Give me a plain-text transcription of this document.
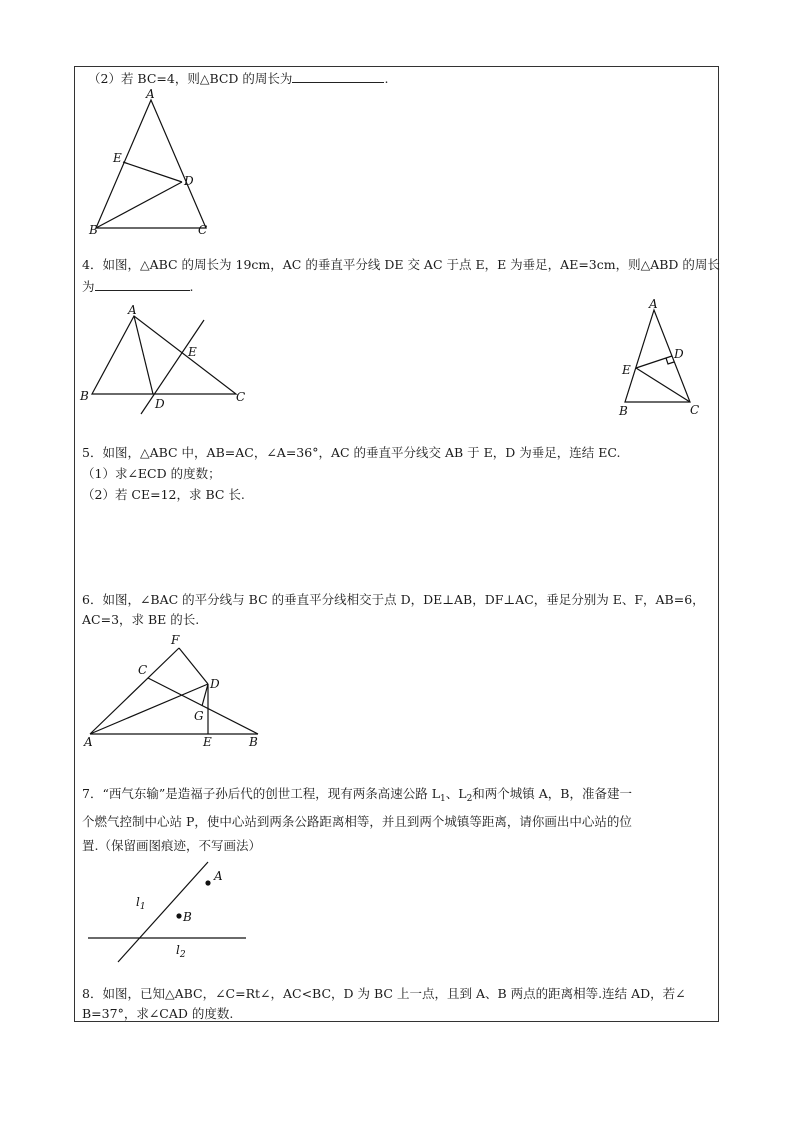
（2）若 BC=4，则△BCD 的周长为	.
A
E
D
B	C
4．如图，△ABC 的周长为 19cm，AC 的垂直平分线 DE 交 AC 于点 E，E 为垂足，AE=3cm，则△ABD 的周长
为	.
A
E
B	C
D
A
D
E
B	C
5．如图，△ABC 中，AB=AC，∠A=36°，AC 的垂直平分线交 AB 于 E，D 为垂足，连结 EC.
（1）求∠ECD 的度数；
（2）若 CE=12，求 BC 长.
6．如图，∠BAC 的平分线与 BC 的垂直平分线相交于点 D，DE⊥AB，DF⊥AC，垂足分别为 E、F，AB=6，
AC=3，求 BE 的长.
F
C
D
G
A	E	B
7．“西气东输”是造福子孙后代的创世工程，现有两条高速公路 $L_1$、$L_2$和两个城镇 A，B，准备建一
个燃气控制中心站 P，使中心站到两条公路距离相等，并且到两个城镇等距离，请你画出中心站的位
置.（保留画图痕迹，不写画法）
A
B
$l_1$
$l_2$
8．如图，已知△ABC，∠C=Rt∠，AC<BC，D 为 BC 上一点，且到 A、B 两点的距离相等.连结 AD，若∠
B=37°，求∠CAD 的度数.
